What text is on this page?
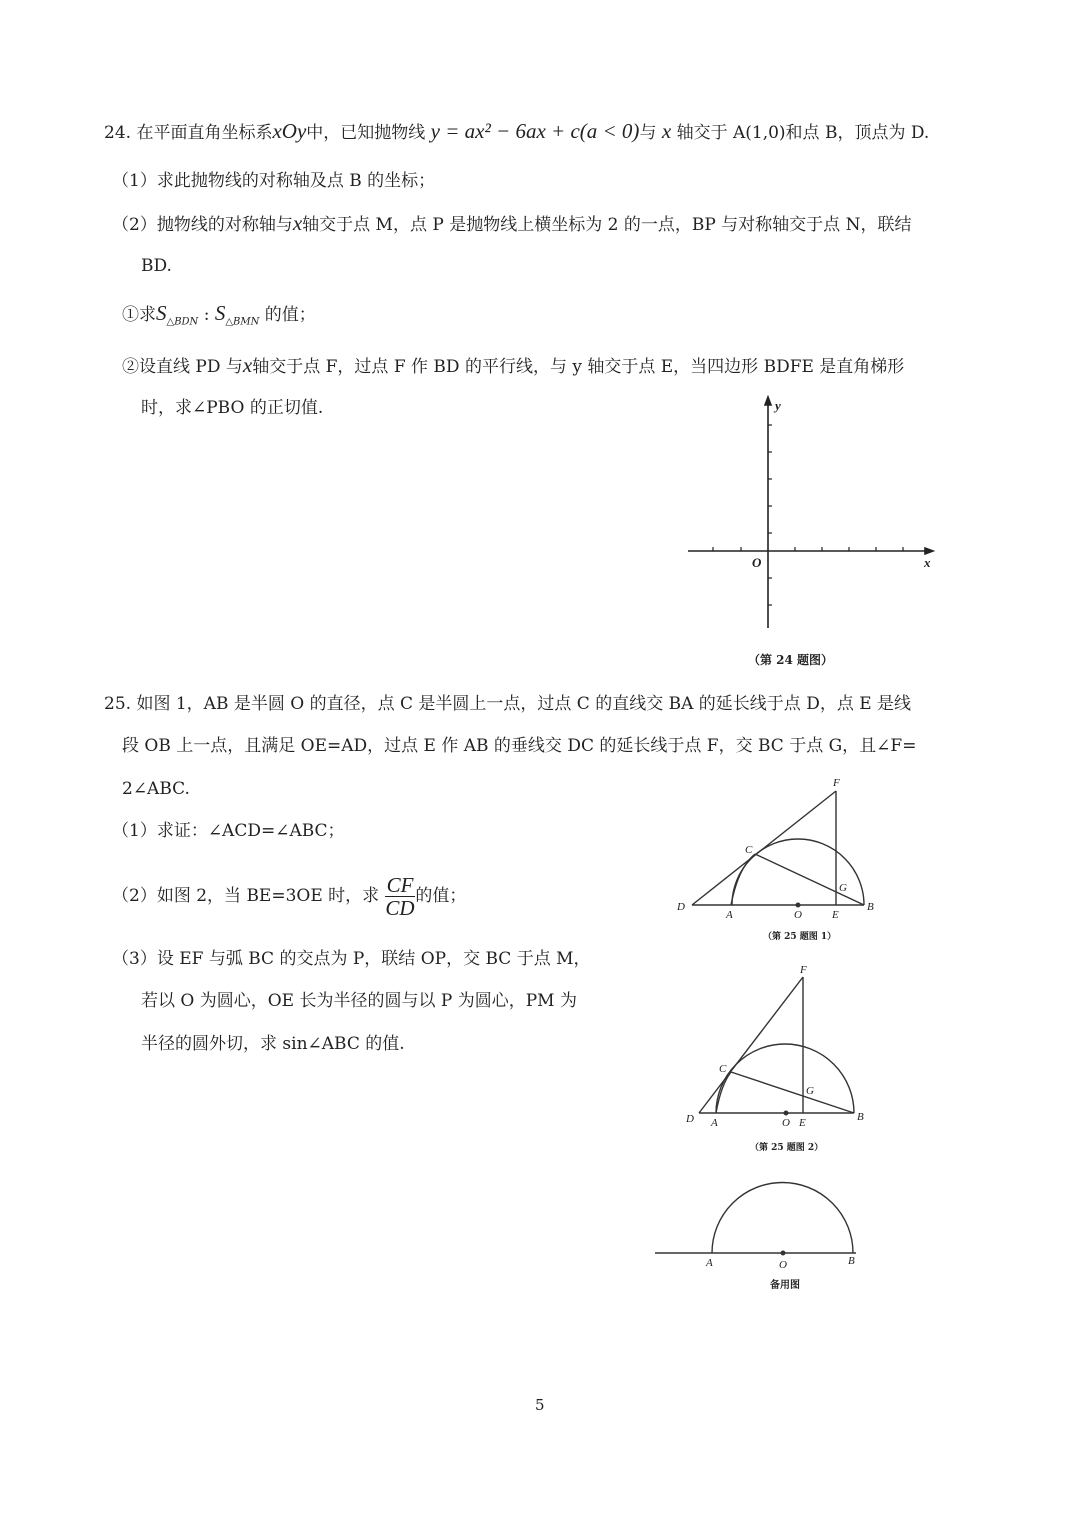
24. 在平面直角坐标系xOy中，已知抛物线 y = ax² − 6ax + c(a < 0)与 x 轴交于 A(1,0)和点 B，顶点为 D.
（1）求此抛物线的对称轴及点 B 的坐标；
（2）抛物线的对称轴与x轴交于点 M，点 P 是抛物线上横坐标为 2 的一点，BP 与对称轴交于点 N，联结
BD.
①求$S_{\triangle BDN}$ : $S_{\triangle BMN}$ 的值；
②设直线 PD 与x轴交于点 F，过点 F 作 BD 的平行线，与 y 轴交于点 E，当四边形 BDFE 是直角梯形
时，求∠PBO 的正切值.	y
x
O
D
A	O	E
B
C
F
G
D A	O E	B
C
F
G
A	O	B
（第 24 题图）
（第 25 题图 1）
（第 25 题图 2）
备用图
25. 如图 1，AB 是半圆 O 的直径，点 C 是半圆上一点，过点 C 的直线交 BA 的延长线于点 D，点 E 是线
段 OB 上一点，且满足 OE=AD，过点 E 作 AB 的垂线交 DC 的延长线于点 F，交 BC 于点 G，且∠F=
2∠ABC.
（1）求证：∠ACD=∠ABC；
（2）如图 2，当 BE=3OE 时，求 $\frac{CF}{CD}$ 的值；
（3）设 EF 与弧 BC 的交点为 P，联结 OP，交 BC 于点 M，
若以 O 为圆心，OE 长为半径的圆与以 P 为圆心，PM 为
半径的圆外切，求 sin∠ABC 的值.
5
